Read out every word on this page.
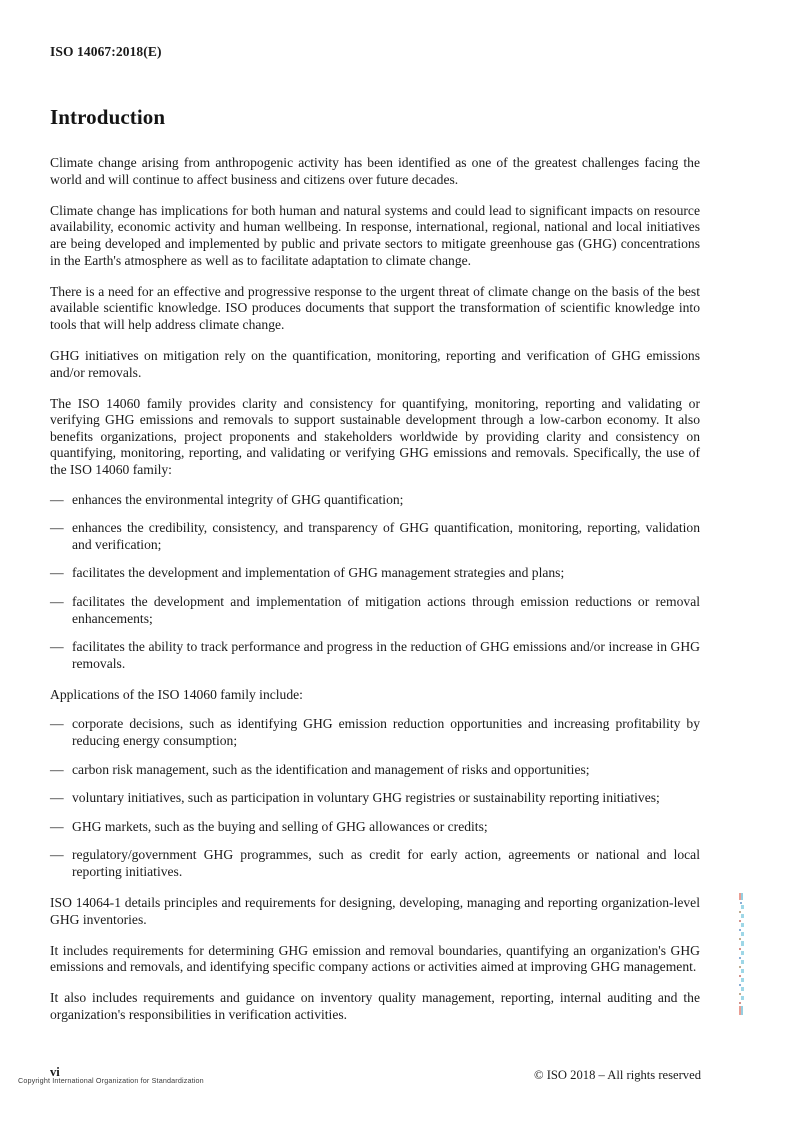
ISO 14067:2018(E)
Introduction

Climate change arising from anthropogenic activity has been identified as one of the greatest challenges facing the world and will continue to affect business and citizens over future decades.

Climate change has implications for both human and natural systems and could lead to significant impacts on resource availability, economic activity and human wellbeing. In response, international, regional, national and local initiatives are being developed and implemented by public and private sectors to mitigate greenhouse gas (GHG) concentrations in the Earth's atmosphere as well as to facilitate adaptation to climate change.

There is a need for an effective and progressive response to the urgent threat of climate change on the basis of the best available scientific knowledge. ISO produces documents that support the transformation of scientific knowledge into tools that will help address climate change.

GHG initiatives on mitigation rely on the quantification, monitoring, reporting and verification of GHG emissions and/or removals.

The ISO 14060 family provides clarity and consistency for quantifying, monitoring, reporting and validating or verifying GHG emissions and removals to support sustainable development through a low-carbon economy. It also benefits organizations, project proponents and stakeholders worldwide by providing clarity and consistency on quantifying, monitoring, reporting, and validating or verifying GHG emissions and removals. Specifically, the use of the ISO 14060 family:

— enhances the environmental integrity of GHG quantification;
— enhances the credibility, consistency, and transparency of GHG quantification, monitoring, reporting, validation and verification;
— facilitates the development and implementation of GHG management strategies and plans;
— facilitates the development and implementation of mitigation actions through emission reductions or removal enhancements;
— facilitates the ability to track performance and progress in the reduction of GHG emissions and/or increase in GHG removals.

Applications of the ISO 14060 family include:

— corporate decisions, such as identifying GHG emission reduction opportunities and increasing profitability by reducing energy consumption;
— carbon risk management, such as the identification and management of risks and opportunities;
— voluntary initiatives, such as participation in voluntary GHG registries or sustainability reporting initiatives;
— GHG markets, such as the buying and selling of GHG allowances or credits;
— regulatory/government GHG programmes, such as credit for early action, agreements or national and local reporting initiatives.

ISO 14064-1 details principles and requirements for designing, developing, managing and reporting organization-level GHG inventories.

It includes requirements for determining GHG emission and removal boundaries, quantifying an organization's GHG emissions and removals, and identifying specific company actions or activities aimed at improving GHG management.

It also includes requirements and guidance on inventory quality management, reporting, internal auditing and the organization's responsibilities in verification activities.

vi
Copyright International Organization for Standardization	© ISO 2018 – All rights reserved
